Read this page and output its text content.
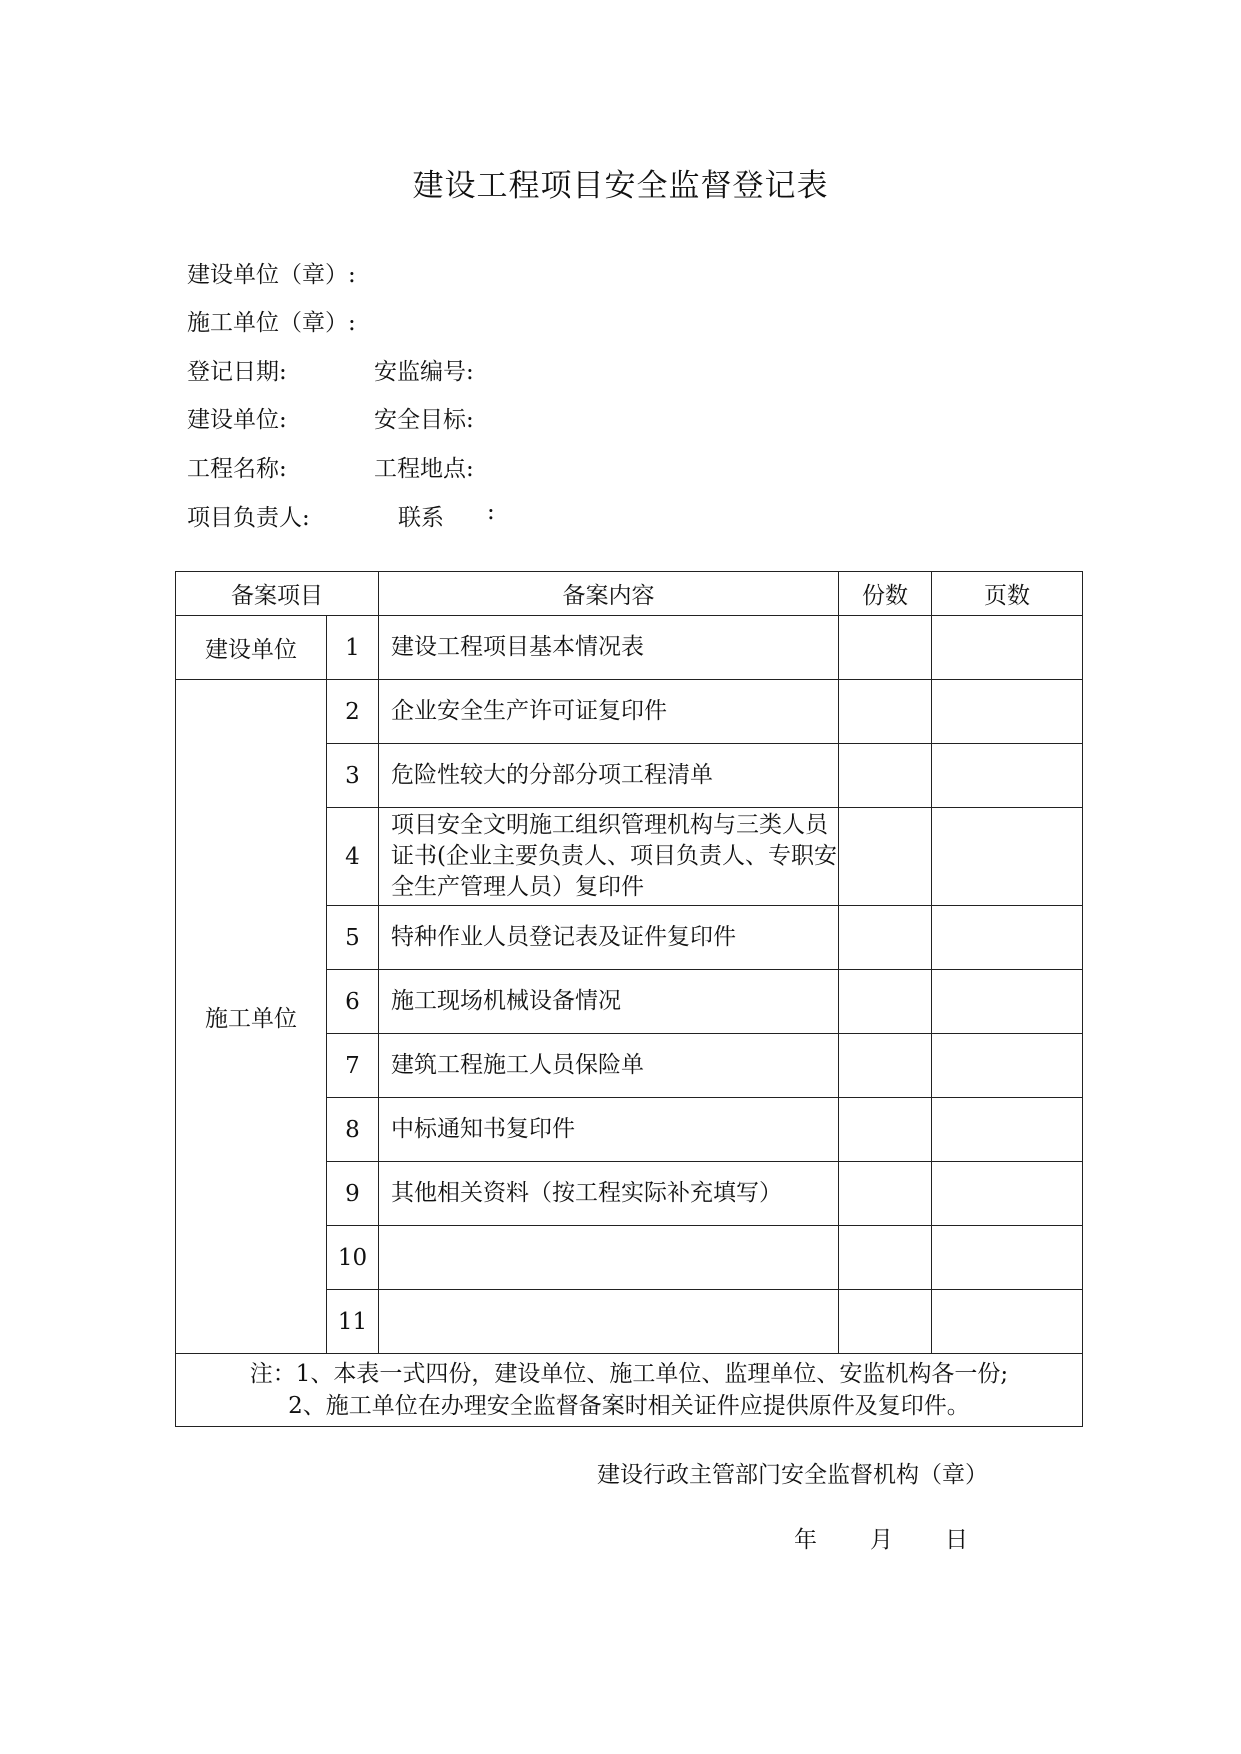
建设工程项目安全监督登记表
建设单位（章）:
施工单位（章）:
登记日期:	安监编号:
建设单位:	安全目标:
工程名称:	工程地点:
项目负责人:	联系 :
备案项目		备案内容	份数	页数
建设单位	1	建设工程项目基本情况表		
施工单位	2	企业安全生产许可证复印件		
	3	危险性较大的分部分项工程清单		
	4	项目安全文明施工组织管理机构与三类人员证书(企业主要负责人、项目负责人、专职安全生产管理人员）复印件		
	5	特种作业人员登记表及证件复印件		
	6	施工现场机械设备情况		
	7	建筑工程施工人员保险单		
	8	中标通知书复印件		
	9	其他相关资料（按工程实际补充填写）		
	10			
	11			

注：1、本表一式四份，建设单位、施工单位、监理单位、安监机构各一份;
2、施工单位在办理安全监督备案时相关证件应提供原件及复印件。				
建设行政主管部门安全监督机构（章）
年 月 日
